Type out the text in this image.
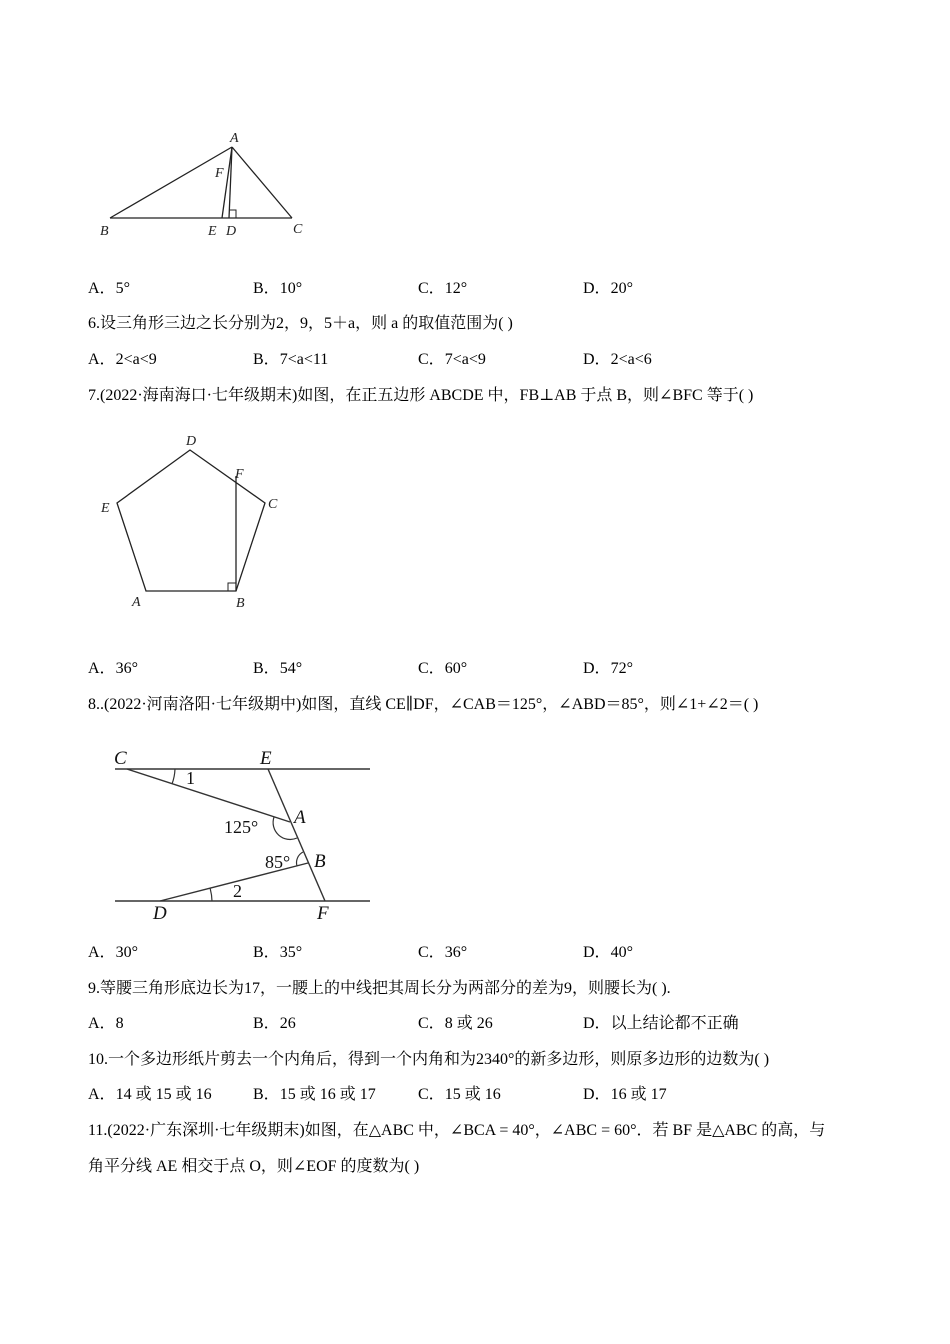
A
F
B	E D	C
A．5°	B．10°	C．12°	D．20°
6.设三角形三边之长分别为2，9，5＋a，则 a 的取值范围为( )
A．2<a<9	B．7<a<11	C．7<a<9	D．2<a<6
7.(2022·海南海口·七年级期末)如图，在正五边形 ABCDE 中，FB⊥AB 于点 B，则∠BFC 等于( )
D
F
E	C
A	B
A．36°	B．54°	C．60°	D．72°
8..(2022·河南洛阳·七年级期中)如图，直线 CE∥DF，∠CAB＝125°，∠ABD＝85°，则∠1+∠2＝( )
C	E
1
A
125°
85° B
2
D	F
A．30°	B．35°	C．36°	D．40°
9.等腰三角形底边长为17，一腰上的中线把其周长分为两部分的差为9，则腰长为( ).
A．8	B．26	C．8 或 26	D．以上结论都不正确
10.一个多边形纸片剪去一个内角后，得到一个内角和为2340°的新多边形，则原多边形的边数为( )
A．14 或 15 或 16	B．15 或 16 或 17	C．15 或 16	D．16 或 17
11.(2022·广东深圳·七年级期末)如图，在△ABC 中，∠BCA = 40°，∠ABC = 60°．若 BF 是△ABC 的高，与
角平分线 AE 相交于点 O，则∠EOF 的度数为( )
